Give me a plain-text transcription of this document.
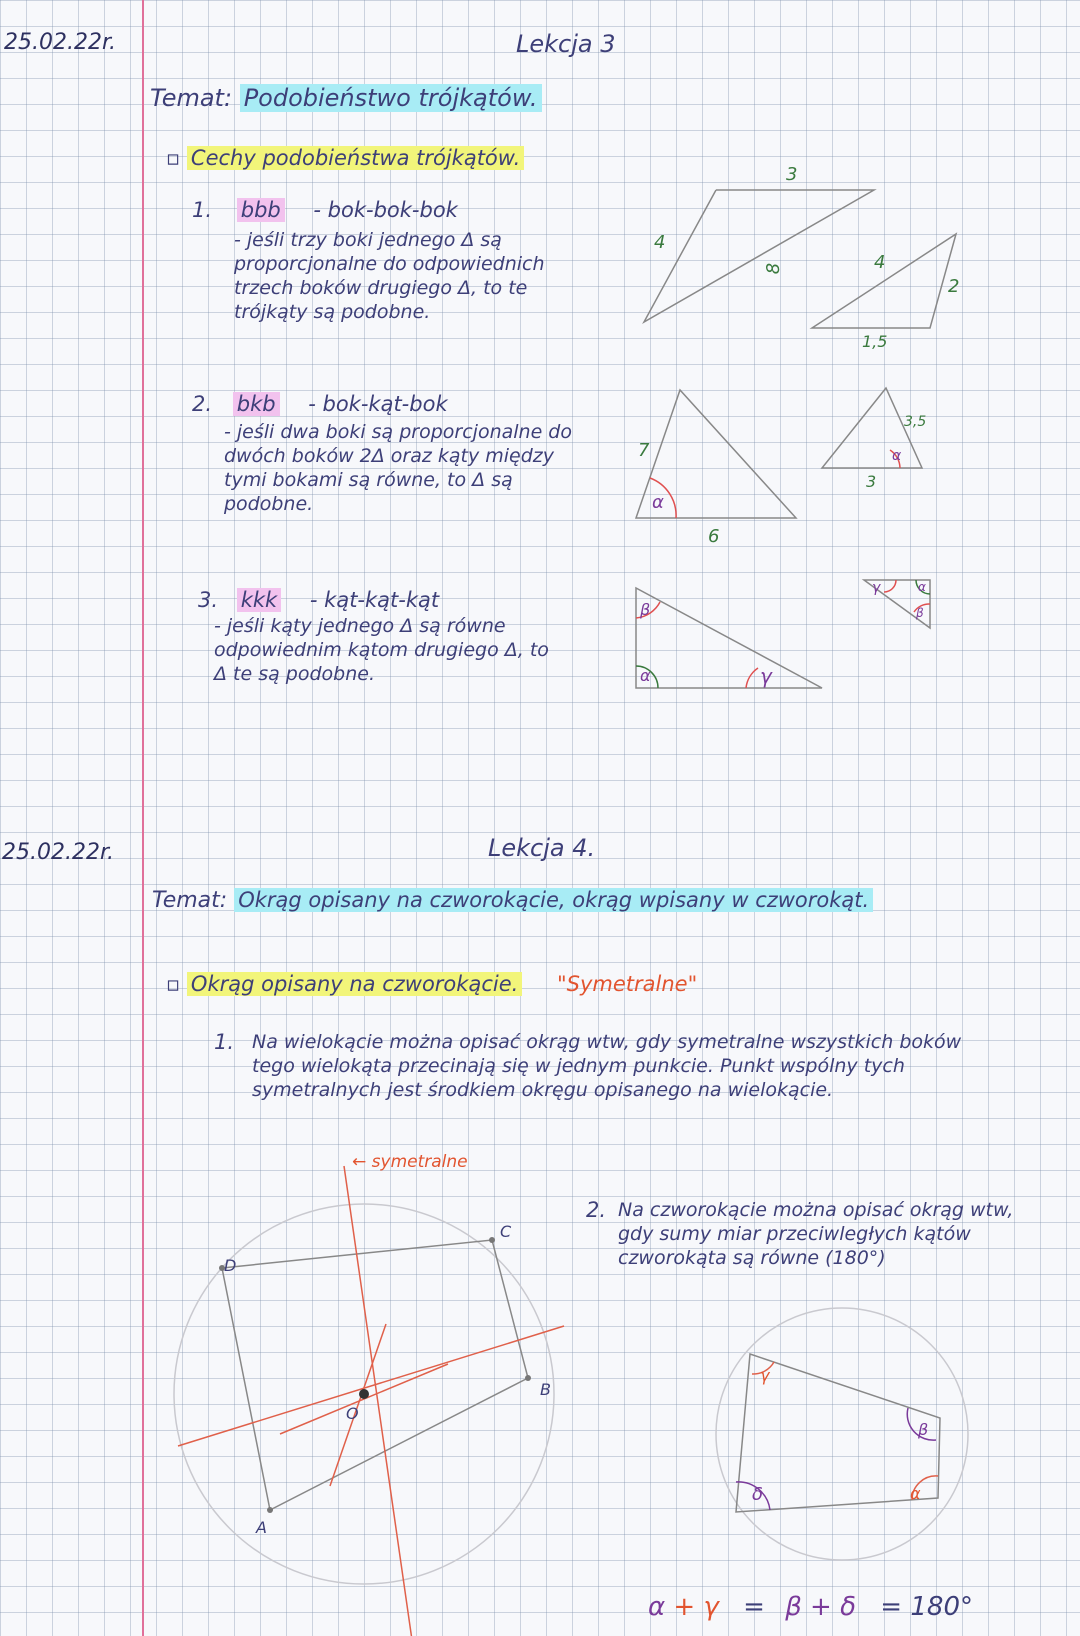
25.02.22r.	Lekcja 3
Temat: Podobieństwo trójkątów.
▫ Cechy podobieństwa trójkątów.
1. bbb - bok-bok-bok
- jeśli trzy boki jednego Δ są proporcjonalne do odpowiednich trzech boków drugiego Δ, to te trójkąty są podobne.
2. bkb - bok-kąt-bok
- jeśli dwa boki są proporcjonalne do dwóch boków 2Δ oraz kąty między tymi bokami są równe, to Δ są podobne.
3. kkk - kąt-kąt-kąt
- jeśli kąty jednego Δ są równe odpowiednim kątom drugiego Δ, to Δ te są podobne.
3
4
8	4
2
1,5
7
6
α
3,5
3
α
β
α	γ
γ	α
β
25.02.22r.	Lekcja 4.
Temat: Okrąg opisany na czworokącie, okrąg wpisany w czworokąt.
▫ Okrąg opisany na czworokącie. "Symetralne"
1. Na wielokącie można opisać okrąg wtw, gdy symetralne wszystkich boków tego wielokąta przecinają się w jednym punkcie. Punkt wspólny tych symetralnych jest środkiem okręgu opisanego na wielokącie.
← symetralne
D
C
B
A
O
2. Na czworokącie można opisać okrąg wtw, gdy sumy miar przeciwległych kątów czworokąta są równe (180°)
γ
β
δ	α
α + γ = β + δ = 180°
